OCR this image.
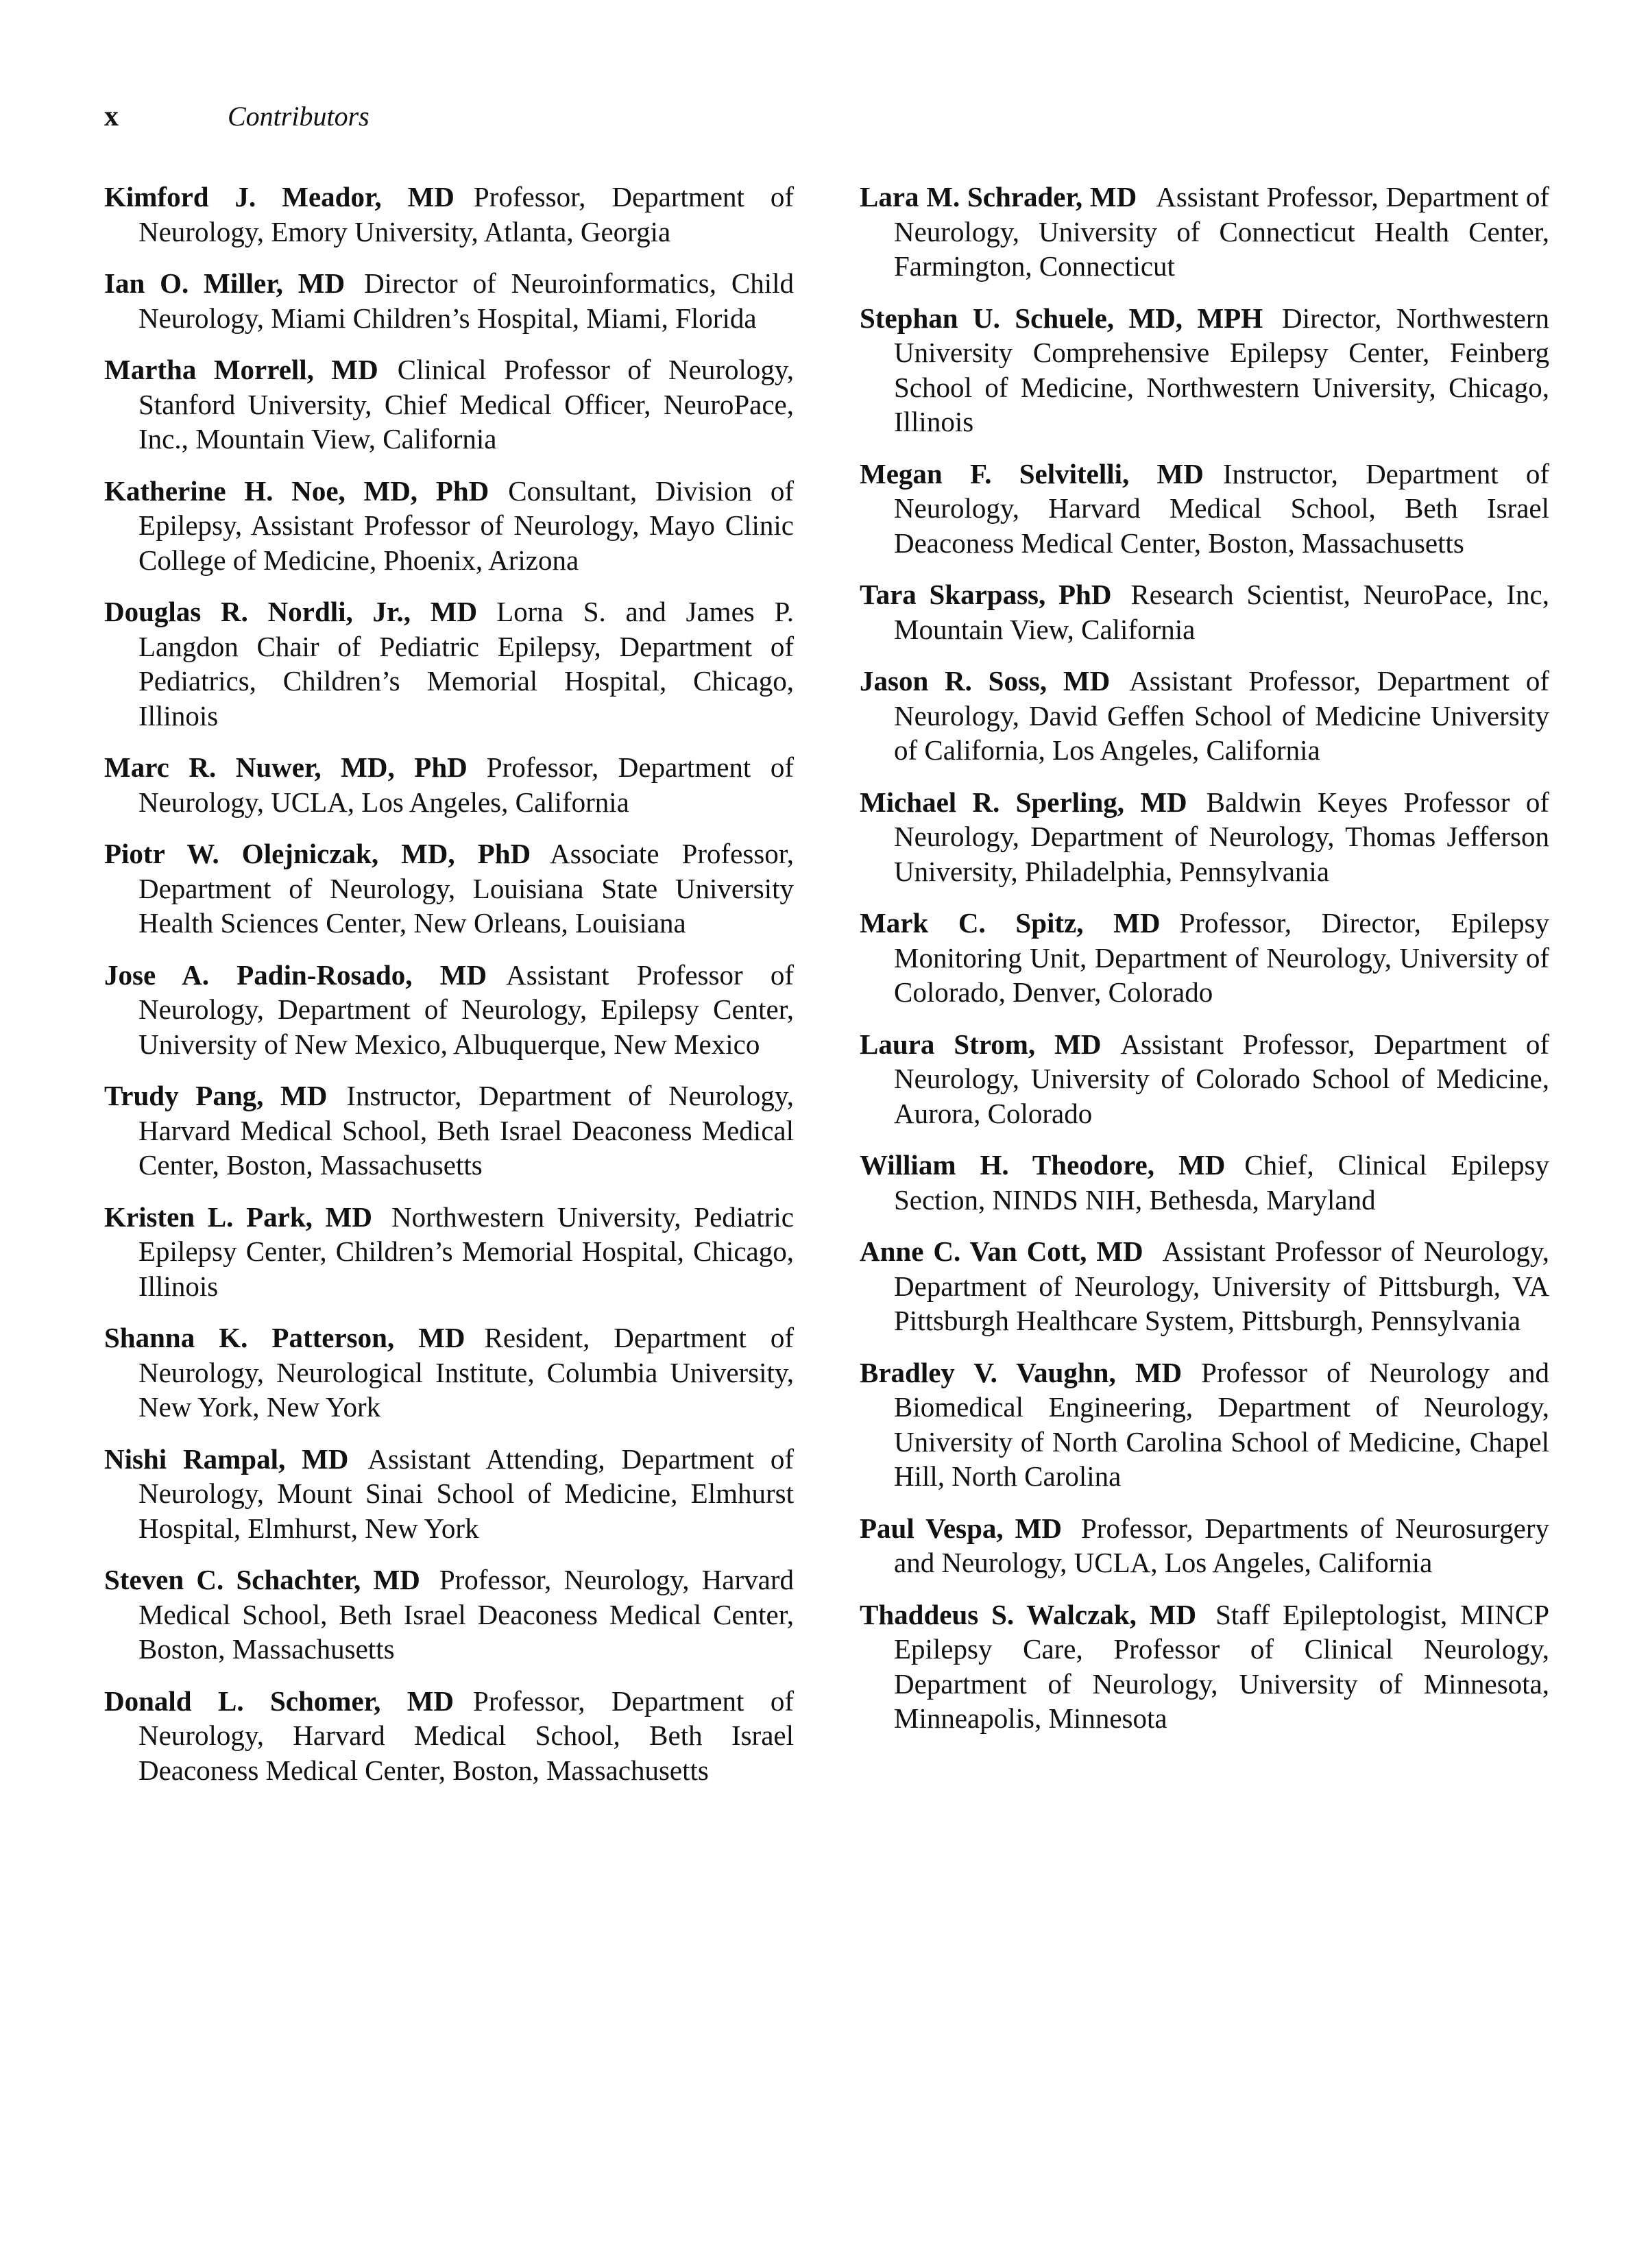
x	Contributors

Kimford J. Meador, MD Professor, Department of Neurology, Emory University, Atlanta, Georgia

Ian O. Miller, MD Director of Neuroinformatics, Child Neurology, Miami Children’s Hospital, Miami, Florida

Martha Morrell, MD Clinical Professor of Neurology, Stanford University, Chief Medical Officer, NeuroPace, Inc., Mountain View, California

Katherine H. Noe, MD, PhD Consultant, Division of Epilepsy, Assistant Professor of Neurology, Mayo Clinic College of Medicine, Phoenix, Arizona

Douglas R. Nordli, Jr., MD Lorna S. and James P. Langdon Chair of Pediatric Epilepsy, Department of Pediatrics, Children’s Memorial Hospital, Chicago, Illinois

Marc R. Nuwer, MD, PhD Professor, Department of Neurology, UCLA, Los Angeles, California

Piotr W. Olejniczak, MD, PhD Associate Professor, Department of Neurology, Louisiana State University Health Sciences Center, New Orleans, Louisiana

Jose A. Padin-Rosado, MD Assistant Professor of Neurology, Department of Neurology, Epilepsy Center, University of New Mexico, Albuquerque, New Mexico

Trudy Pang, MD Instructor, Department of Neurology, Harvard Medical School, Beth Israel Deaconess Medical Center, Boston, Massachusetts

Kristen L. Park, MD Northwestern University, Pediatric Epilepsy Center, Children’s Memorial Hospital, Chicago, Illinois

Shanna K. Patterson, MD Resident, Department of Neurology, Neurological Institute, Columbia University, New York, New York

Nishi Rampal, MD Assistant Attending, Department of Neurology, Mount Sinai School of Medicine, Elmhurst Hospital, Elmhurst, New York

Steven C. Schachter, MD Professor, Neurology, Harvard Medical School, Beth Israel Deaconess Medical Center, Boston, Massachusetts

Donald L. Schomer, MD Professor, Department of Neurology, Harvard Medical School, Beth Israel Deaconess Medical Center, Boston, Massachusetts

Lara M. Schrader, MD Assistant Professor, Department of Neurology, University of Connecticut Health Center, Farmington, Connecticut

Stephan U. Schuele, MD, MPH Director, Northwestern University Comprehensive Epilepsy Center, Feinberg School of Medicine, Northwestern University, Chicago, Illinois

Megan F. Selvitelli, MD Instructor, Department of Neurology, Harvard Medical School, Beth Israel Deaconess Medical Center, Boston, Massachusetts

Tara Skarpass, PhD Research Scientist, NeuroPace, Inc, Mountain View, California

Jason R. Soss, MD Assistant Professor, Department of Neurology, David Geffen School of Medicine University of California, Los Angeles, California

Michael R. Sperling, MD Baldwin Keyes Professor of Neurology, Department of Neurology, Thomas Jefferson University, Philadelphia, Pennsylvania

Mark C. Spitz, MD Professor, Director, Epilepsy Monitoring Unit, Department of Neurology, University of Colorado, Denver, Colorado

Laura Strom, MD Assistant Professor, Department of Neurology, University of Colorado School of Medicine, Aurora, Colorado

William H. Theodore, MD Chief, Clinical Epilepsy Section, NINDS NIH, Bethesda, Maryland

Anne C. Van Cott, MD Assistant Professor of Neurology, Department of Neurology, University of Pittsburgh, VA Pittsburgh Healthcare System, Pittsburgh, Pennsylvania

Bradley V. Vaughn, MD Professor of Neurology and Biomedical Engineering, Department of Neurology, University of North Carolina School of Medicine, Chapel Hill, North Carolina

Paul Vespa, MD Professor, Departments of Neurosurgery and Neurology, UCLA, Los Angeles, California

Thaddeus S. Walczak, MD Staff Epileptologist, MINCP Epilepsy Care, Professor of Clinical Neurology, Department of Neurology, University of Minnesota, Minneapolis, Minnesota
